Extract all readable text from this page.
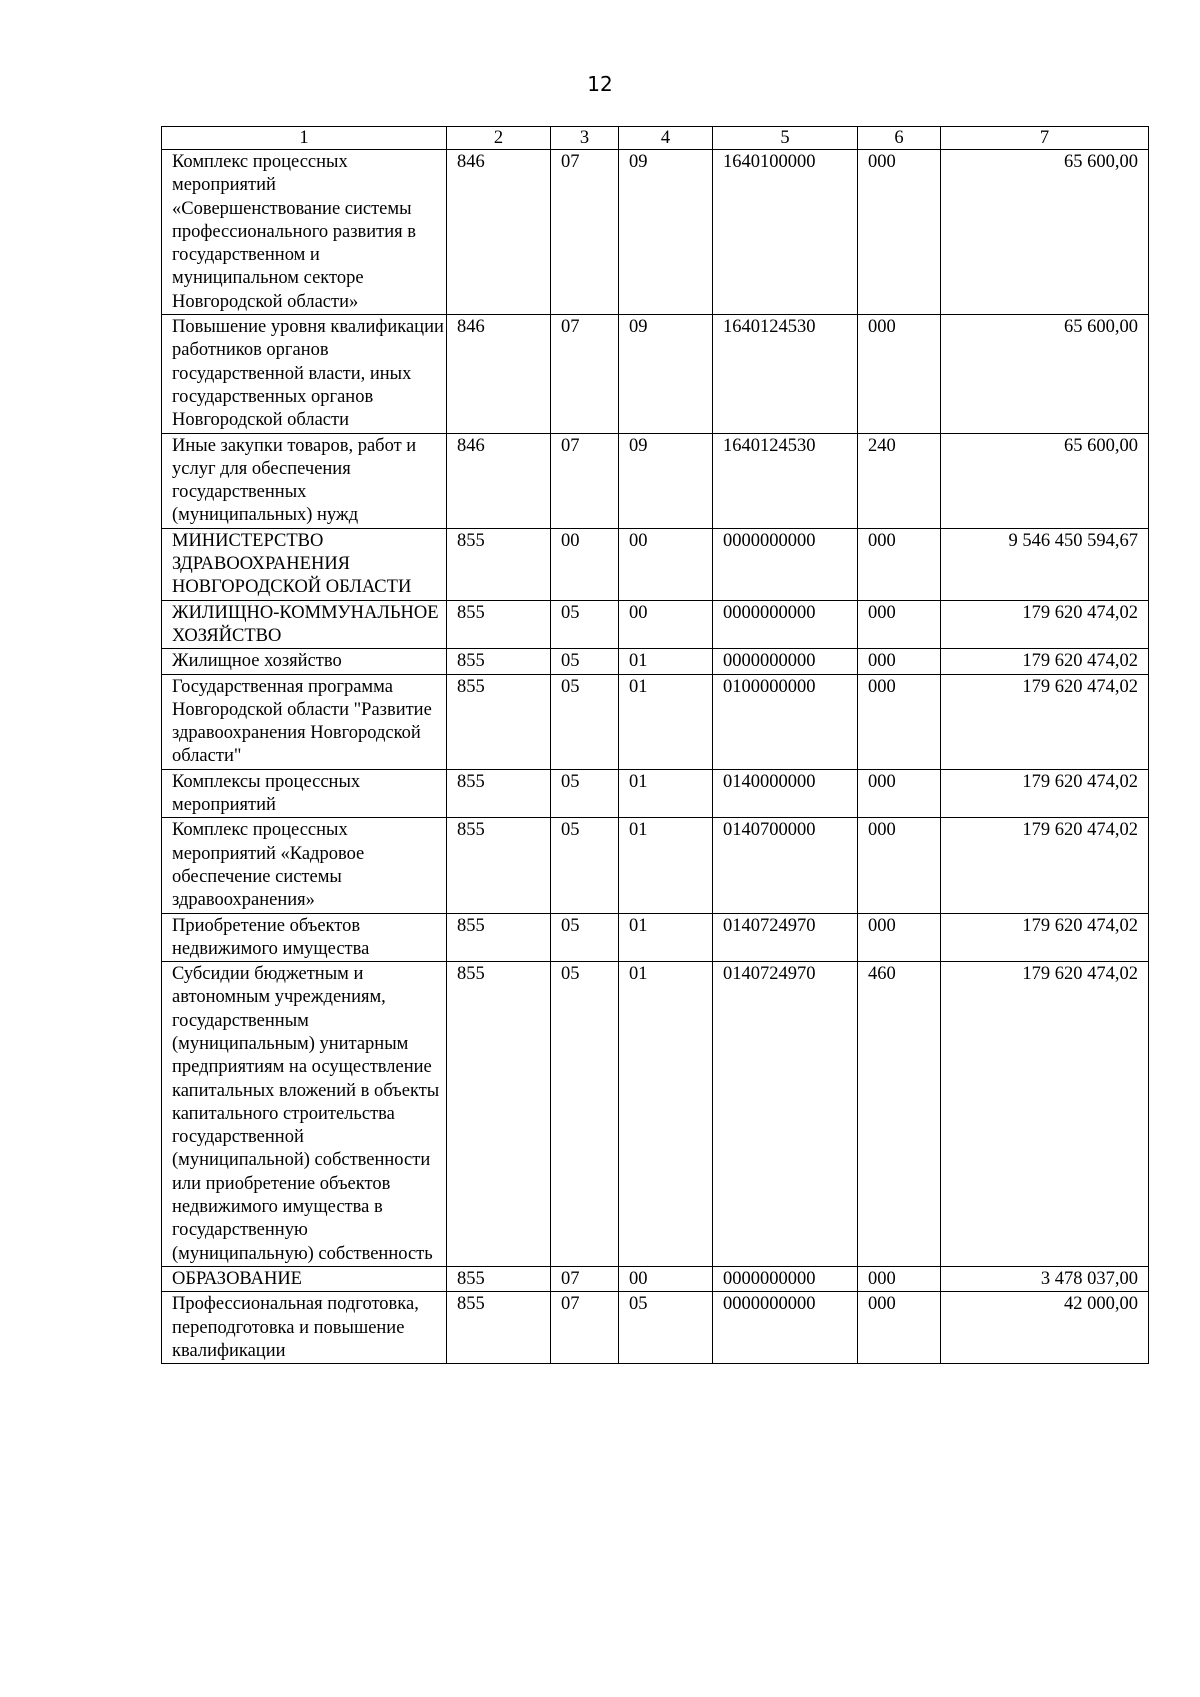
12
1	2	3	4	5	6	7
Комплекс процессных мероприятий «Совершенствование системы профессионального развития в государственном и муниципальном секторе Новгородской области»	846	07	09	1640100000	000	65 600,00
Повышение уровня квалификации работников органов государственной власти, иных государственных органов Новгородской области	846	07	09	1640124530	000	65 600,00
Иные закупки товаров, работ и услуг для обеспечения государственных (муниципальных) нужд	846	07	09	1640124530	240	65 600,00
МИНИСТЕРСТВО ЗДРАВООХРАНЕНИЯ НОВГОРОДСКОЙ ОБЛАСТИ	855	00	00	0000000000	000	9 546 450 594,67
ЖИЛИЩНО-КОММУНАЛЬНОЕ ХОЗЯЙСТВО	855	05	00	0000000000	000	179 620 474,02
Жилищное хозяйство	855	05	01	0000000000	000	179 620 474,02
Государственная программа Новгородской области "Развитие здравоохранения Новгородской области"	855	05	01	0100000000	000	179 620 474,02
Комплексы процессных мероприятий	855	05	01	0140000000	000	179 620 474,02
Комплекс процессных мероприятий «Кадровое обеспечение системы здравоохранения»	855	05	01	0140700000	000	179 620 474,02
Приобретение объектов недвижимого имущества	855	05	01	0140724970	000	179 620 474,02
Субсидии бюджетным и автономным учреждениям, государственным (муниципальным) унитарным предприятиям на осуществление капитальных вложений в объекты капитального строительства государственной (муниципальной) собственности или приобретение объектов недвижимого имущества в государственную (муниципальную) собственность	855	05	01	0140724970	460	179 620 474,02
ОБРАЗОВАНИЕ	855	07	00	0000000000	000	3 478 037,00
Профессиональная подготовка, переподготовка и повышение квалификации	855	07	05	0000000000	000	42 000,00
